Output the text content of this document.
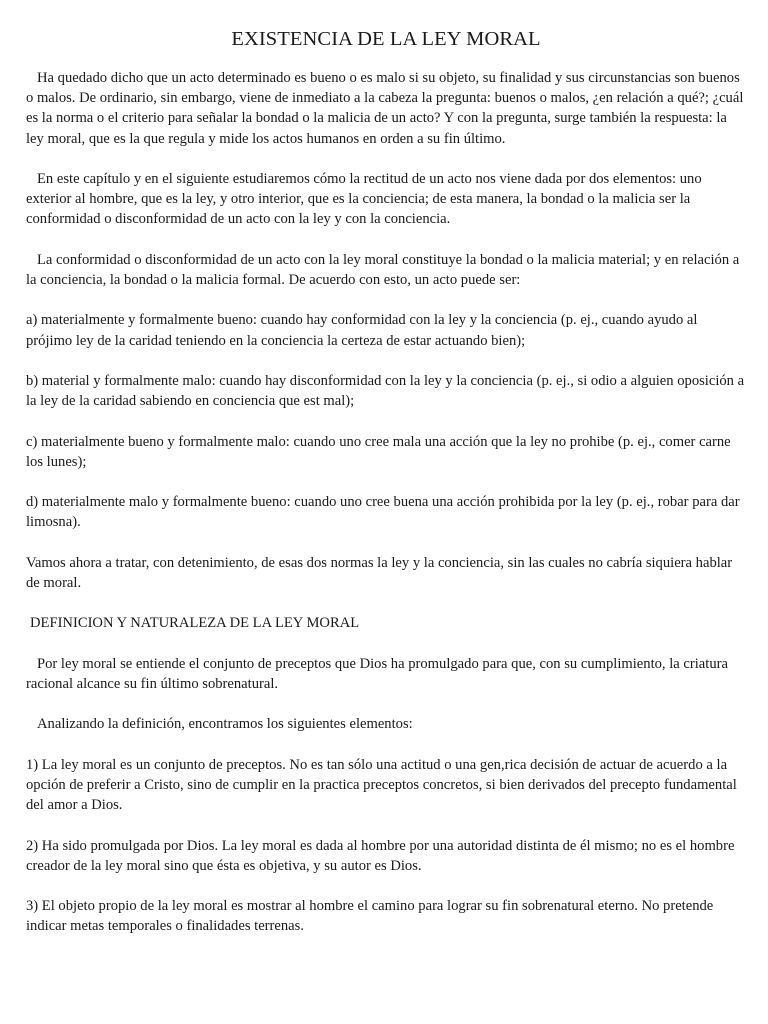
EXISTENCIA DE LA LEY MORAL

Ha quedado dicho que un acto determinado es bueno o es malo si su objeto, su finalidad y sus circunstancias son buenos o malos. De ordinario, sin embargo, viene de inmediato a la cabeza la pregunta: buenos o malos, ¿en relación a qué?; ¿cuál es la norma o el criterio para señalar la bondad o la malicia de un acto? Y con la pregunta, surge también la respuesta: la ley moral, que es la que regula y mide los actos humanos en orden a su fin último.

En este capítulo y en el siguiente estudiaremos cómo la rectitud de un acto nos viene dada por dos elementos: uno exterior al hombre, que es la ley, y otro interior, que es la conciencia; de esta manera, la bondad o la malicia ser la conformidad o disconformidad de un acto con la ley y con la conciencia.

La conformidad o disconformidad de un acto con la ley moral constituye la bondad o la malicia material; y en relación a la conciencia, la bondad o la malicia formal. De acuerdo con esto, un acto puede ser:

a) materialmente y formalmente bueno: cuando hay conformidad con la ley y la conciencia (p. ej., cuando ayudo al prójimo ley de la caridad teniendo en la conciencia la certeza de estar actuando bien);

b) material y formalmente malo: cuando hay disconformidad con la ley y la conciencia (p. ej., si odio a alguien oposición a la ley de la caridad sabiendo en conciencia que est mal);

c) materialmente bueno y formalmente malo: cuando uno cree mala una acción que la ley no prohibe (p. ej., comer carne los lunes);

d) materialmente malo y formalmente bueno: cuando uno cree buena una acción prohibida por la ley (p. ej., robar para dar limosna).

Vamos ahora a tratar, con detenimiento, de esas dos normas la ley y la conciencia, sin las cuales no cabría siquiera hablar de moral.

DEFINICION Y NATURALEZA DE LA LEY MORAL

Por ley moral se entiende el conjunto de preceptos que Dios ha promulgado para que, con su cumplimiento, la criatura racional alcance su fin último sobrenatural.

Analizando la definición, encontramos los siguientes elementos:

1) La ley moral es un conjunto de preceptos. No es tan sólo una actitud o una gen,rica decisión de actuar de acuerdo a la opción de preferir a Cristo, sino de cumplir en la practica preceptos concretos, si bien derivados del precepto fundamental del amor a Dios.

2) Ha sido promulgada por Dios. La ley moral es dada al hombre por una autoridad distinta de él mismo; no es el hombre creador de la ley moral sino que ésta es objetiva, y su autor es Dios.

3) El objeto propio de la ley moral es mostrar al hombre el camino para lograr su fin sobrenatural eterno. No pretende indicar metas temporales o finalidades terrenas.
